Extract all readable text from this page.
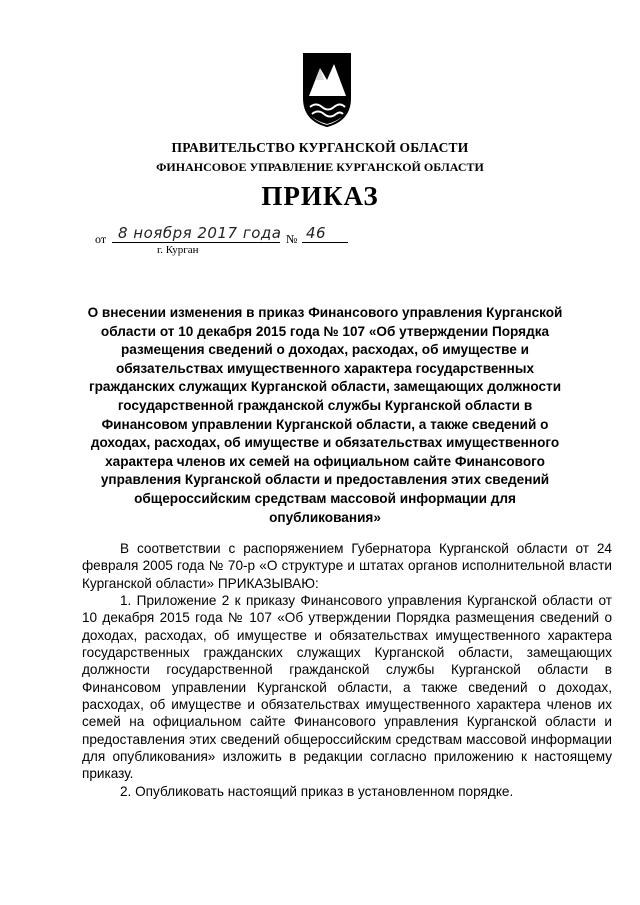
ПРАВИТЕЛЬСТВО КУРГАНСКОЙ ОБЛАСТИ
ФИНАНСОВОЕ УПРАВЛЕНИЕ КУРГАНСКОЙ ОБЛАСТИ
ПРИКАЗ
от 8 ноября 2017 года № 46
г. Курган
О внесении изменения в приказ Финансового управления Курганской области от 10 декабря 2015 года № 107 «Об утверждении Порядка размещения сведений о доходах, расходах, об имуществе и обязательствах имущественного характера государственных гражданских служащих Курганской области, замещающих должности государственной гражданской службы Курганской области в Финансовом управлении Курганской области, а также сведений о доходах, расходах, об имуществе и обязательствах имущественного характера членов их семей на официальном сайте Финансового управления Курганской области и предоставления этих сведений общероссийским средствам массовой информации для опубликования»

В соответствии с распоряжением Губернатора Курганской области от 24 февраля 2005 года № 70-р «О структуре и штатах органов исполнительной власти Курганской области» ПРИКАЗЫВАЮ:

1. Приложение 2 к приказу Финансового управления Курганской области от 10 декабря 2015 года № 107 «Об утверждении Порядка размещения сведений о доходах, расходах, об имуществе и обязательствах имущественного характера государственных гражданских служащих Курганской области, замещающих должности государственной гражданской службы Курганской области в Финансовом управлении Курганской области, а также сведений о доходах, расходах, об имуществе и обязательствах имущественного характера членов их семей на официальном сайте Финансового управления Курганской области и предоставления этих сведений общероссийским средствам массовой информации для опубликования» изложить в редакции согласно приложению к настоящему приказу.

2. Опубликовать настоящий приказ в установленном порядке.
